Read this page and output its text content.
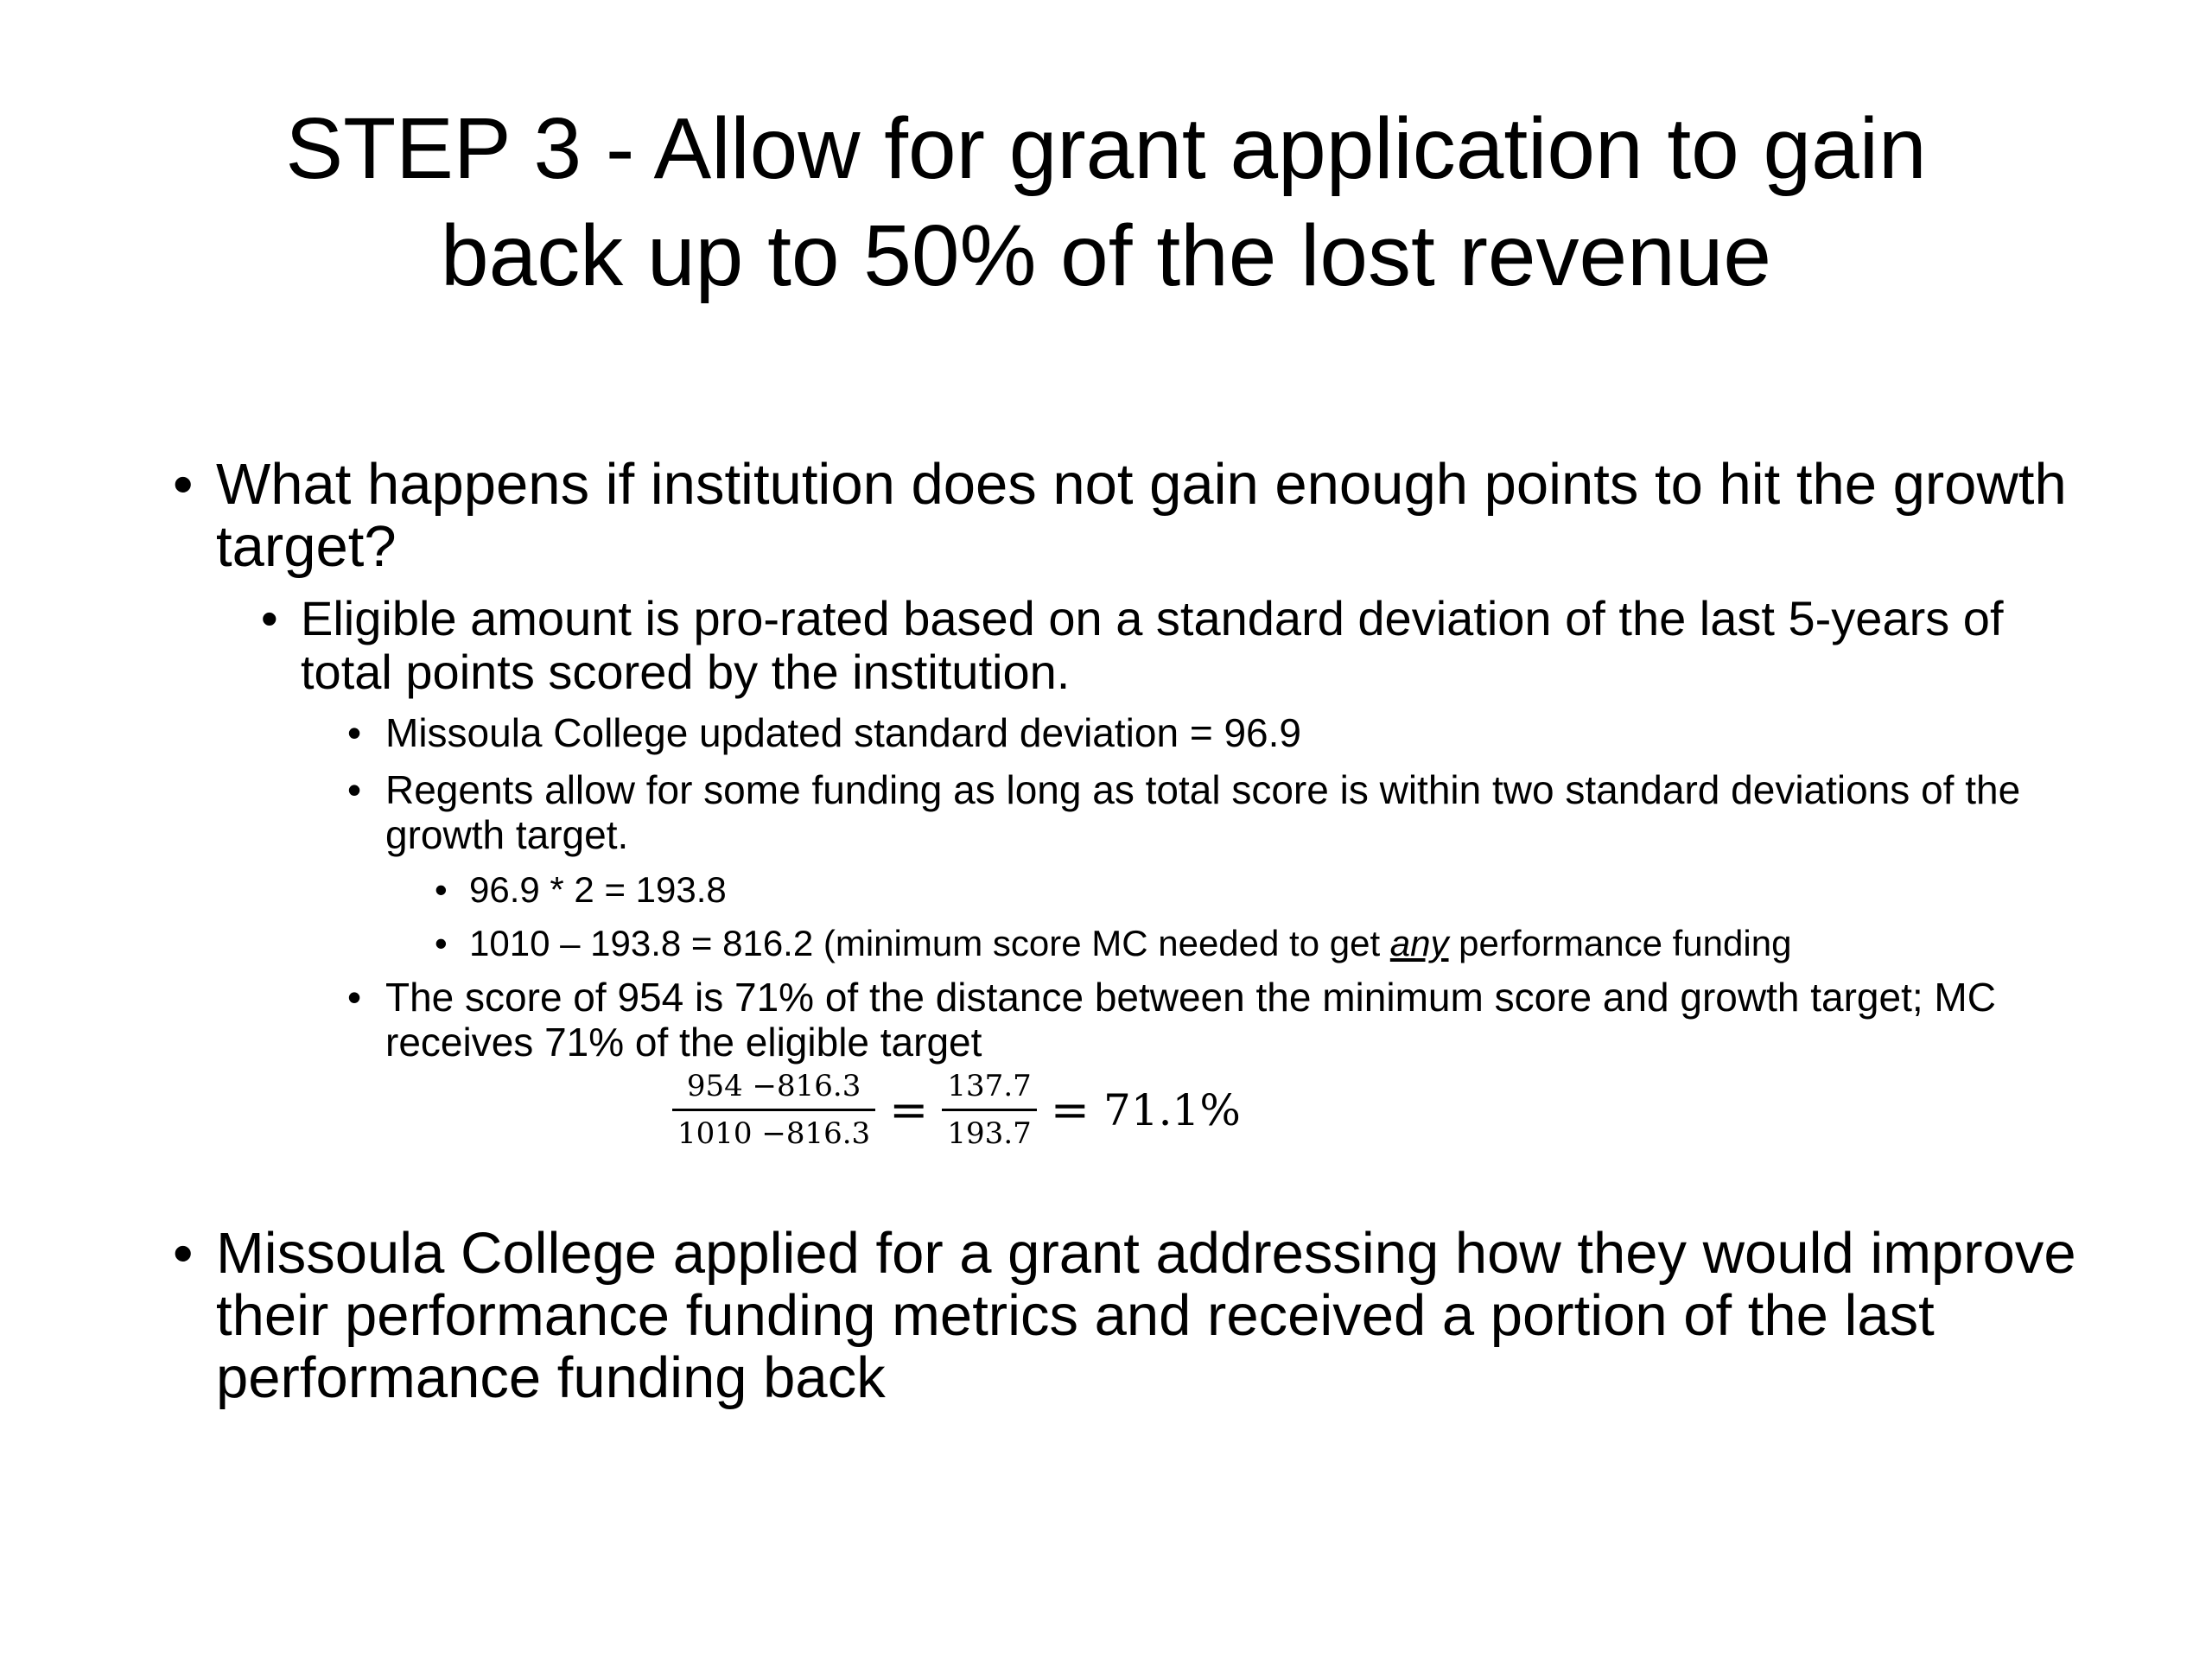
STEP 3 - Allow for grant application to gain
back up to 50% of the lost revenue

• What happens if institution does not gain enough points to hit the growth target?

• Eligible amount is pro-rated based on a standard deviation of the last 5-years of total points scored by the institution.

• Missoula College updated standard deviation = 96.9

• Regents allow for some funding as long as total score is within two standard deviations of the growth target.

• 96.9 * 2 = 193.8

• 1010 – 193.8 = 816.2 (minimum score MC needed to get any performance funding

• The score of 954 is 71% of the distance between the minimum score and growth target; MC receives 71% of the eligible target

$\frac{954 -816.3}{1010 -816.3} = \frac{137.7}{193.7} = 71.1\%$

• Missoula College applied for a grant addressing how they would improve their performance funding metrics and received a portion of the last performance funding back
